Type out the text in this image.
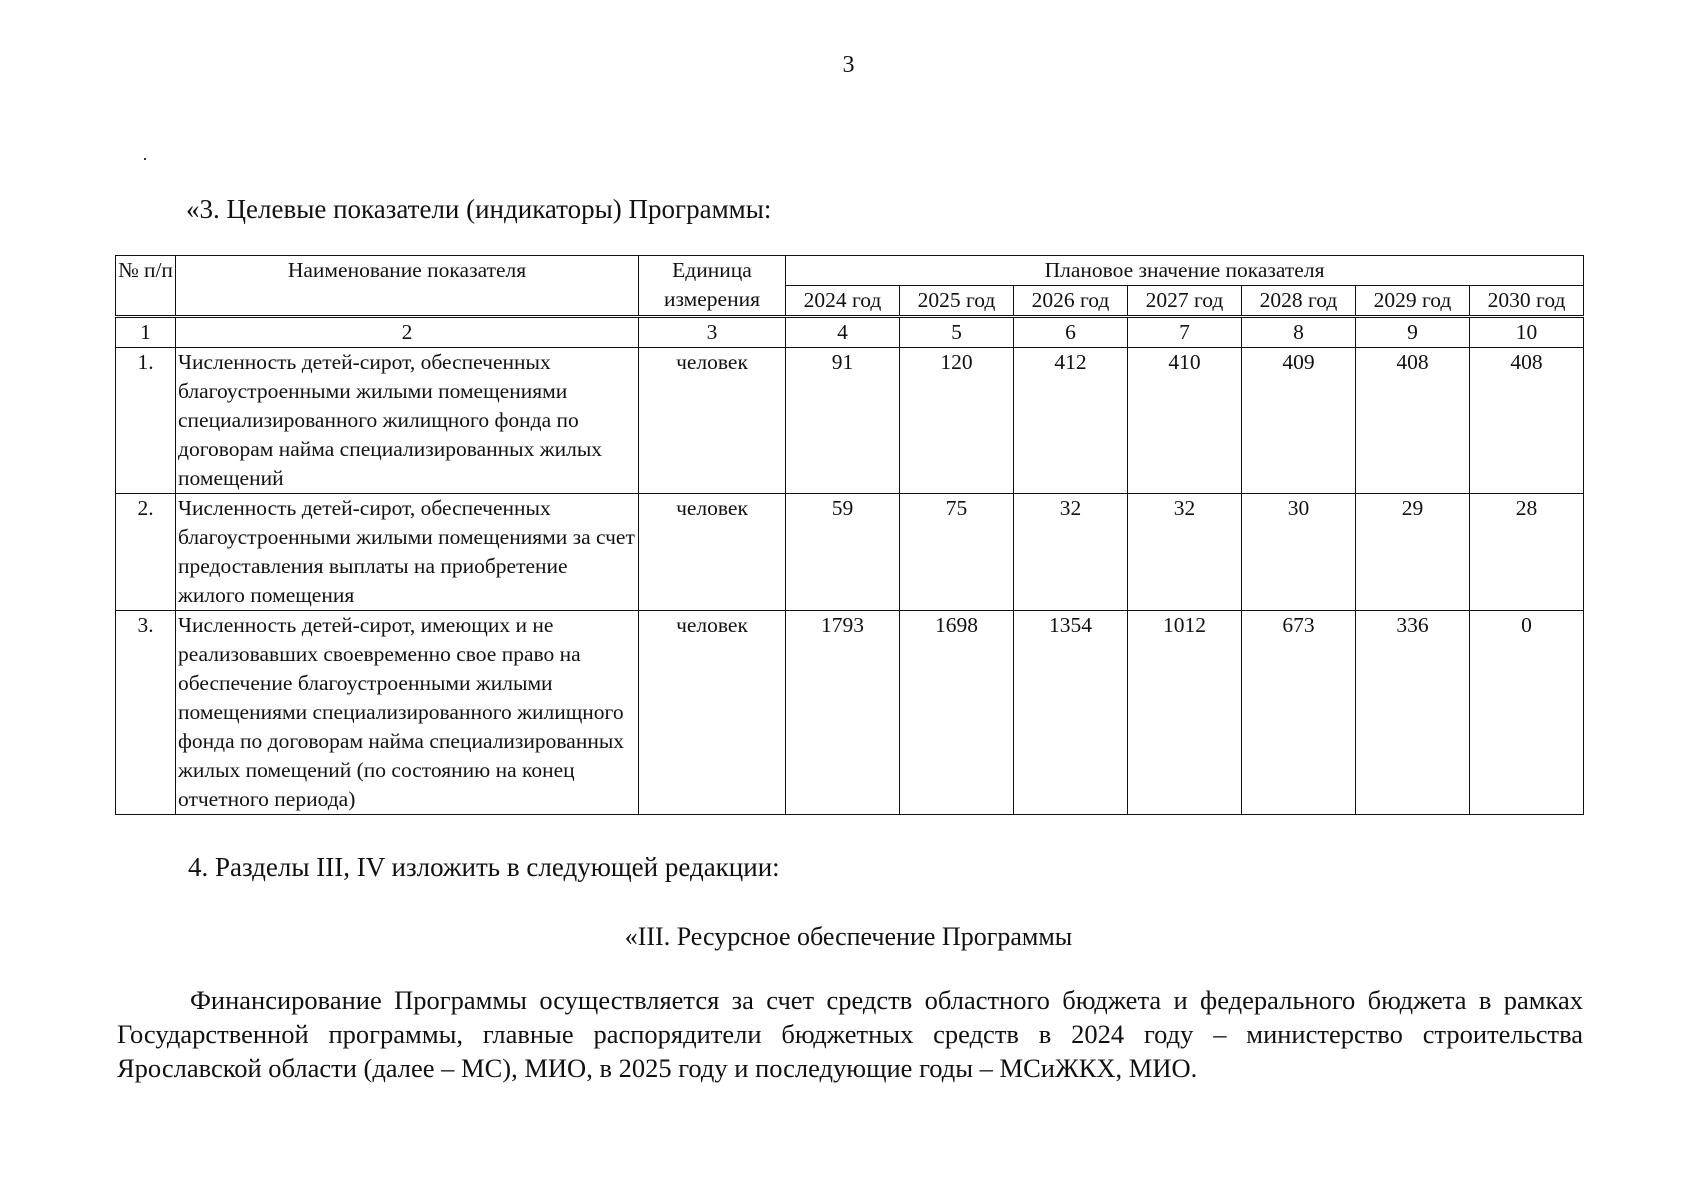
3
«3. Целевые показатели (индикаторы) Программы:
№ п/п	Наименование показателя	Единица измерения	Плановое значение показателя						
			2024 год	2025 год	2026 год	2027 год	2028 год	2029 год	2030 год
1	2	3	4	5	6	7	8	9	10
1.	Численность детей-сирот, обеспеченных благоустроенными жилыми помещениями специализированного жилищного фонда по договорам найма специализированных жилых помещений	человек	91	120	412	410	409	408	408
2.	Численность детей-сирот, обеспеченных благоустроенными жилыми помещениями за счет предоставления выплаты на приобретение жилого помещения	человек	59	75	32	32	30	29	28
3.	Численность детей-сирот, имеющих и не реализовавших своевременно свое право на обеспечение благоустроенными жилыми помещениями специализированного жилищного фонда по договорам найма специализированных жилых помещений (по состоянию на конец отчетного периода)	человек	1793	1698	1354	1012	673	336	0
4. Разделы III, IV изложить в следующей редакции:
«III. Ресурсное обеспечение Программы
Финансирование Программы осуществляется за счет средств областного бюджета и федерального бюджета в рамках Государственной программы, главные распорядители бюджетных средств в 2024 году – министерство строительства Ярославской области (далее – МС), МИО, в 2025 году и последующие годы – МСиЖКХ, МИО.
